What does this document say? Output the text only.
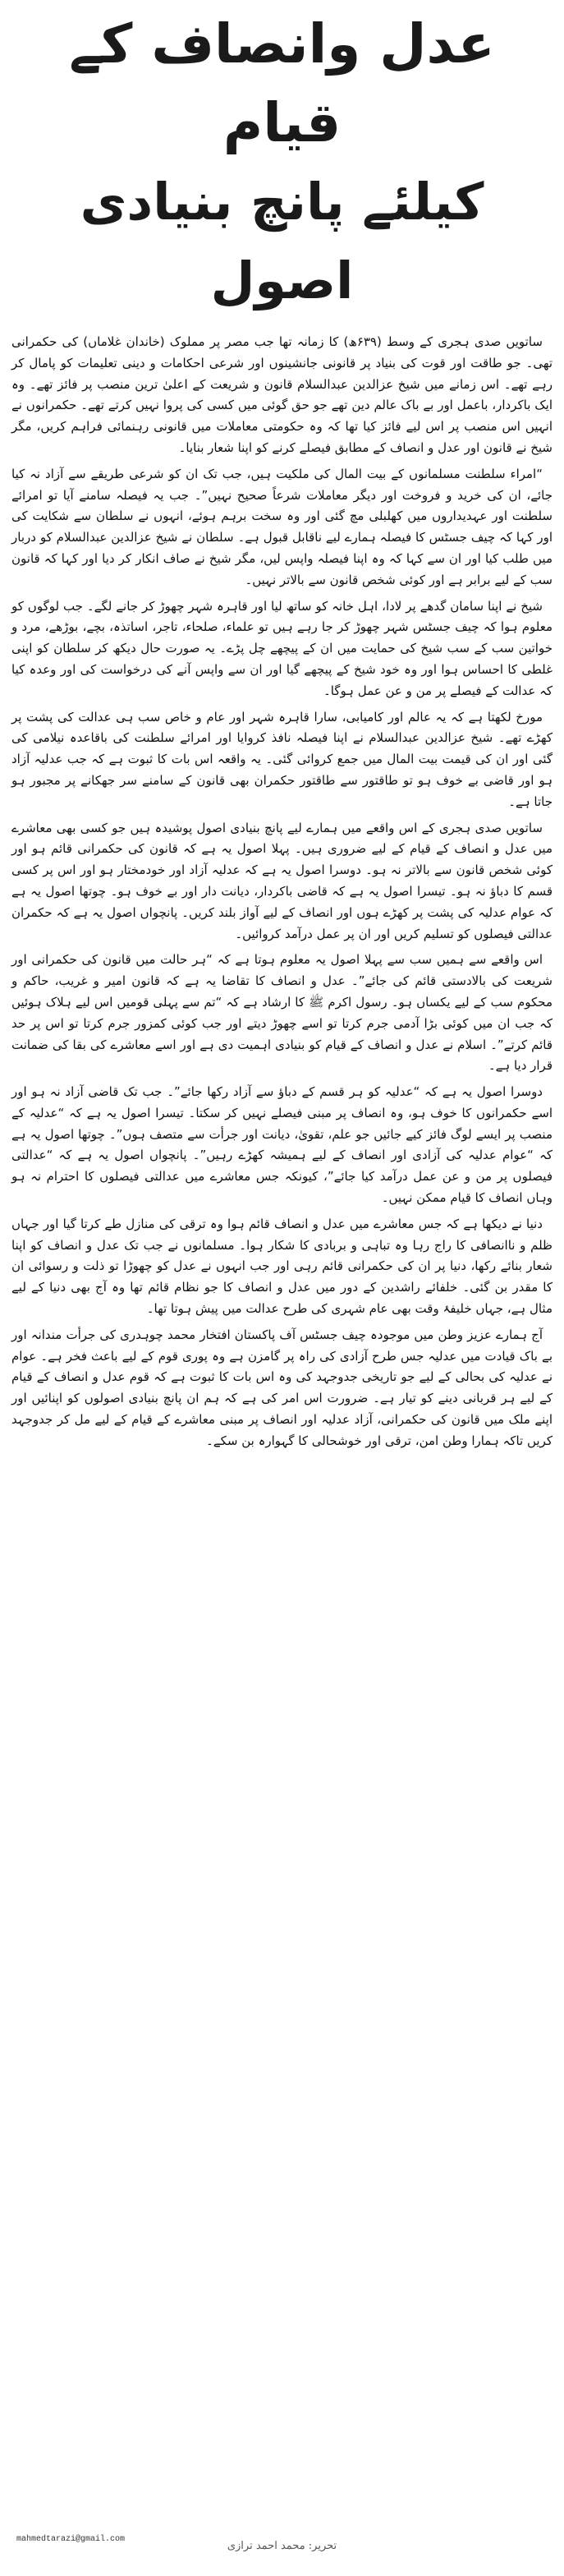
عدل وانصاف کے قیام
کیلئے پانچ بنیادی اصول

ساتویں صدی ہجری کے وسط (۶۳۹ھ) کا زمانہ تھا جب مصر پر مملوک (خاندان غلاماں) کی حکمرانی تھی۔ جو طاقت اور قوت کی بنیاد پر قانونی جانشینوں اور شرعی احکامات و دینی تعلیمات کو پامال کر رہے تھے۔ اس زمانے میں شیخ عزالدین عبدالسلام قانون و شریعت کے اعلیٰ ترین منصب پر فائز تھے۔ وہ ایک باکردار، باعمل اور بے باک عالم دین تھے جو حق گوئی میں کسی کی پروا نہیں کرتے تھے۔ حکمرانوں نے انہیں اس منصب پر اس لیے فائز کیا تھا کہ وہ حکومتی معاملات میں قانونی رہنمائی فراہم کریں، مگر شیخ نے قانون اور عدل و انصاف کے مطابق فیصلے کرنے کو اپنا شعار بنایا۔

“امراء سلطنت مسلمانوں کے بیت المال کی ملکیت ہیں، جب تک ان کو شرعی طریقے سے آزاد نہ کیا جائے، ان کی خرید و فروخت اور دیگر معاملات شرعاً صحیح نہیں”۔ جب یہ فیصلہ سامنے آیا تو امرائے سلطنت اور عہدیداروں میں کھلبلی مچ گئی اور وہ سخت برہم ہوئے، انہوں نے سلطان سے شکایت کی اور کہا کہ چیف جسٹس کا فیصلہ ہمارے لیے ناقابل قبول ہے۔ سلطان نے شیخ عزالدین عبدالسلام کو دربار میں طلب کیا اور ان سے کہا کہ وہ اپنا فیصلہ واپس لیں، مگر شیخ نے صاف انکار کر دیا اور کہا کہ قانون سب کے لیے برابر ہے اور کوئی شخص قانون سے بالاتر نہیں۔

شیخ نے اپنا سامان گدھے پر لادا، اہل خانہ کو ساتھ لیا اور قاہرہ شہر چھوڑ کر جانے لگے۔ جب لوگوں کو معلوم ہوا کہ چیف جسٹس شہر چھوڑ کر جا رہے ہیں تو علماء، صلحاء، تاجر، اساتذہ، بچے، بوڑھے، مرد و خواتین سب کے سب شیخ کی حمایت میں ان کے پیچھے چل پڑے۔ یہ صورت حال دیکھ کر سلطان کو اپنی غلطی کا احساس ہوا اور وہ خود شیخ کے پیچھے گیا اور ان سے واپس آنے کی درخواست کی اور وعدہ کیا کہ عدالت کے فیصلے پر من و عن عمل ہوگا۔

مورخ لکھتا ہے کہ یہ عالم اور کامیابی، سارا قاہرہ شہر اور عام و خاص سب ہی عدالت کی پشت پر کھڑے تھے۔ شیخ عزالدین عبدالسلام نے اپنا فیصلہ نافذ کروایا اور امرائے سلطنت کی باقاعدہ نیلامی کی گئی اور ان کی قیمت بیت المال میں جمع کروائی گئی۔ یہ واقعہ اس بات کا ثبوت ہے کہ جب عدلیہ آزاد ہو اور قاضی بے خوف ہو تو طاقتور سے طاقتور حکمران بھی قانون کے سامنے سر جھکانے پر مجبور ہو جاتا ہے۔

ساتویں صدی ہجری کے اس واقعے میں ہمارے لیے پانچ بنیادی اصول پوشیدہ ہیں جو کسی بھی معاشرے میں عدل و انصاف کے قیام کے لیے ضروری ہیں۔ پہلا اصول یہ ہے کہ قانون کی حکمرانی قائم ہو اور کوئی شخص قانون سے بالاتر نہ ہو۔ دوسرا اصول یہ ہے کہ عدلیہ آزاد اور خودمختار ہو اور اس پر کسی قسم کا دباؤ نہ ہو۔ تیسرا اصول یہ ہے کہ قاضی باکردار، دیانت دار اور بے خوف ہو۔ چوتھا اصول یہ ہے کہ عوام عدلیہ کی پشت پر کھڑے ہوں اور انصاف کے لیے آواز بلند کریں۔ پانچواں اصول یہ ہے کہ حکمران عدالتی فیصلوں کو تسلیم کریں اور ان پر عمل درآمد کروائیں۔

اس واقعے سے ہمیں سب سے پہلا اصول یہ معلوم ہوتا ہے کہ “ہر حالت میں قانون کی حکمرانی اور شریعت کی بالادستی قائم کی جائے”۔ عدل و انصاف کا تقاضا یہ ہے کہ قانون امیر و غریب، حاکم و محکوم سب کے لیے یکساں ہو۔ رسول اکرم ﷺ کا ارشاد ہے کہ “تم سے پہلی قومیں اس لیے ہلاک ہوئیں کہ جب ان میں کوئی بڑا آدمی جرم کرتا تو اسے چھوڑ دیتے اور جب کوئی کمزور جرم کرتا تو اس پر حد قائم کرتے”۔ اسلام نے عدل و انصاف کے قیام کو بنیادی اہمیت دی ہے اور اسے معاشرے کی بقا کی ضمانت قرار دیا ہے۔

دوسرا اصول یہ ہے کہ “عدلیہ کو ہر قسم کے دباؤ سے آزاد رکھا جائے”۔ جب تک قاضی آزاد نہ ہو اور اسے حکمرانوں کا خوف ہو، وہ انصاف پر مبنی فیصلے نہیں کر سکتا۔ تیسرا اصول یہ ہے کہ “عدلیہ کے منصب پر ایسے لوگ فائز کیے جائیں جو علم، تقویٰ، دیانت اور جرأت سے متصف ہوں”۔ چوتھا اصول یہ ہے کہ “عوام عدلیہ کی آزادی اور انصاف کے لیے ہمیشہ کھڑے رہیں”۔ پانچواں اصول یہ ہے کہ “عدالتی فیصلوں پر من و عن عمل درآمد کیا جائے”، کیونکہ جس معاشرے میں عدالتی فیصلوں کا احترام نہ ہو وہاں انصاف کا قیام ممکن نہیں۔

دنیا نے دیکھا ہے کہ جس معاشرے میں عدل و انصاف قائم ہوا وہ ترقی کی منازل طے کرتا گیا اور جہاں ظلم و ناانصافی کا راج رہا وہ تباہی و بربادی کا شکار ہوا۔ مسلمانوں نے جب تک عدل و انصاف کو اپنا شعار بنائے رکھا، دنیا پر ان کی حکمرانی قائم رہی اور جب انہوں نے عدل کو چھوڑا تو ذلت و رسوائی ان کا مقدر بن گئی۔ خلفائے راشدین کے دور میں عدل و انصاف کا جو نظام قائم تھا وہ آج بھی دنیا کے لیے مثال ہے، جہاں خلیفۂ وقت بھی عام شہری کی طرح عدالت میں پیش ہوتا تھا۔

آج ہمارے عزیز وطن میں موجودہ چیف جسٹس آف پاکستان افتخار محمد چوہدری کی جرأت مندانہ اور بے باک قیادت میں عدلیہ جس طرح آزادی کی راہ پر گامزن ہے وہ پوری قوم کے لیے باعث فخر ہے۔ عوام نے عدلیہ کی بحالی کے لیے جو تاریخی جدوجہد کی وہ اس بات کا ثبوت ہے کہ قوم عدل و انصاف کے قیام کے لیے ہر قربانی دینے کو تیار ہے۔ ضرورت اس امر کی ہے کہ ہم ان پانچ بنیادی اصولوں کو اپنائیں اور اپنے ملک میں قانون کی حکمرانی، آزاد عدلیہ اور انصاف پر مبنی معاشرے کے قیام کے لیے مل کر جدوجہد کریں تاکہ ہمارا وطن امن، ترقی اور خوشحالی کا گہوارہ بن سکے۔

mahmedtarazi@gmail.com
تحریر: محمد احمد ترازی
